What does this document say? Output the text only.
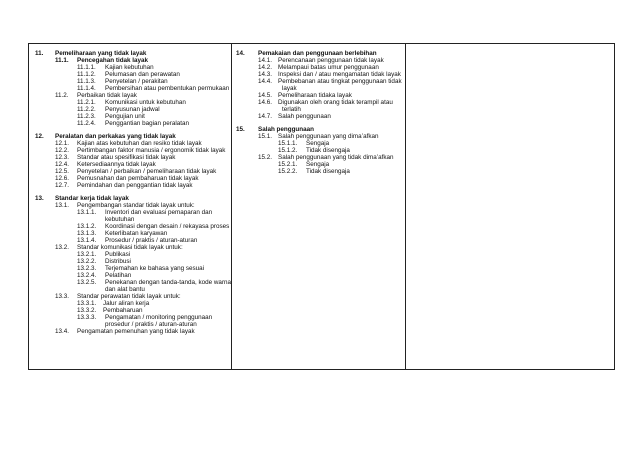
11. Pemeliharaan yang tidak layak
11.1. Pencegahan tidak layak
11.1.1. Kajian kebutuhan
11.1.2. Pelumasan dan perawatan
11.1.3. Penyetelan / perakitan
11.1.4. Pembersihan atau pembentukan permukaan
11.2. Perbaikan tidak layak
11.2.1. Komunikasi untuk kebutuhan
11.2.2. Penyusunan jadwal
11.2.3. Pengujian unit
11.2.4. Penggantian bagian peralatan
12. Peralatan dan perkakas yang tidak layak
12.1. Kajian atas kebutuhan dan resiko tidak layak
12.2. Pertimbangan faktor manusia / ergonomik tidak layak
12.3. Standar atau spesifikasi tidak layak
12.4. Ketersediaannya tidak layak
12.5. Penyetelan / perbaikan / pemeliharaan tidak layak
12.6. Pemusnahan dan pembaharuan tidak layak
12.7. Pemindahan dan penggantian tidak layak
13. Standar kerja tidak layak
13.1. Pengembangan standar tidak layak untuk:
13.1.1. Inventori dan evaluasi pemaparan dan
kebutuhan
13.1.2. Koordinasi dengan desain / rekayasa proses
13.1.3. Keterlibatan karyawan
13.1.4. Prosedur / praktis / aturan-aturan
13.2. Standar komunikasi tidak layak untuk:
13.2.1. Publikasi
13.2.2. Distribusi
13.2.3. Terjemahan ke bahasa yang sesuai
13.2.4. Pelatihan
13.2.5. Penekanan dengan tanda-tanda, kode warna
dan alat bantu
13.3. Standar perawatan tidak layak untuk:
13.3.1. Jalur aliran kerja
13.3.2. Pembaharuan
13.3.3. Pengamatan / monitoring penggunaan
prosedur / praktis / aturan-aturan
13.4. Pengamatan pemenuhan yang tidak layak
14. Pemakaian dan penggunaan berlebihan
14.1. Perencanaan penggunaan tidak layak
14.2. Melampaui batas umur penggunaan
14.3. Inspeksi dan / atau mengamatan tidak layak
14.4. Pembebanan atau tingkat penggunaan tidak
layak
14.5. Pemeliharaan tidaka layak
14.6. Digunakan oleh orang tidak terampil atau
terlatih
14.7. Salah penggunaan
15. Salah penggunaan
15.1. Salah penggunaan yang dima’afkan
15.1.1. Sengaja
15.1.2. Tidak disengaja
15.2. Salah penggunaan yang tidak dima’afkan
15.2.1. Sengaja
15.2.2. Tidak disengaja
